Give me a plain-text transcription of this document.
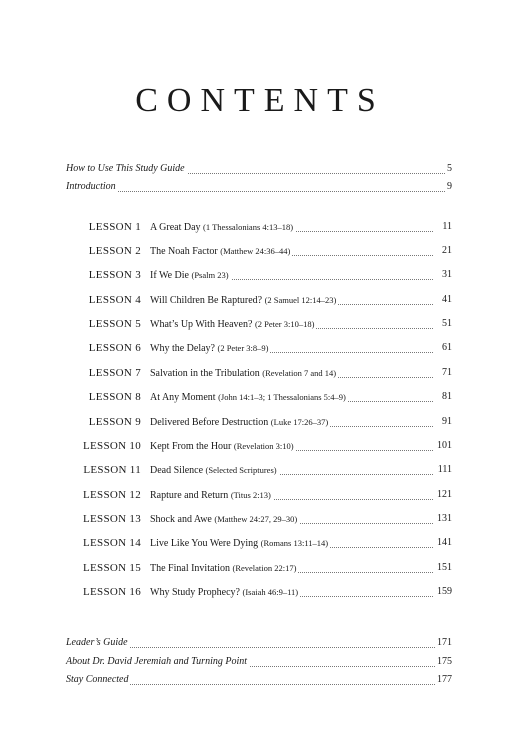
CONTENTS
How to Use This Study Guide	5
Introduction	9
LESSON 1 A Great Day (1 Thessalonians 4:13–18)	11
LESSON 2 The Noah Factor (Matthew 24:36–44)	21
LESSON 3 If We Die (Psalm 23)	31
LESSON 4 Will Children Be Raptured? (2 Samuel 12:14–23)	41
LESSON 5 What’s Up With Heaven? (2 Peter 3:10–18)	51
LESSON 6 Why the Delay? (2 Peter 3:8–9)	61
LESSON 7 Salvation in the Tribulation (Revelation 7 and 14)	71
LESSON 8 At Any Moment (John 14:1–3; 1 Thessalonians 5:4–9)	81
LESSON 9 Delivered Before Destruction (Luke 17:26–37)	91
LESSON 10 Kept From the Hour (Revelation 3:10)	101
LESSON 11 Dead Silence (Selected Scriptures)	111
LESSON 12 Rapture and Return (Titus 2:13)	121
LESSON 13 Shock and Awe (Matthew 24:27, 29–30)	131
LESSON 14 Live Like You Were Dying (Romans 13:11–14)	141
LESSON 15 The Final Invitation (Revelation 22:17)	151
LESSON 16 Why Study Prophecy? (Isaiah 46:9–11)	159
Leader’s Guide	171
About Dr. David Jeremiah and Turning Point	175
Stay Connected	177
